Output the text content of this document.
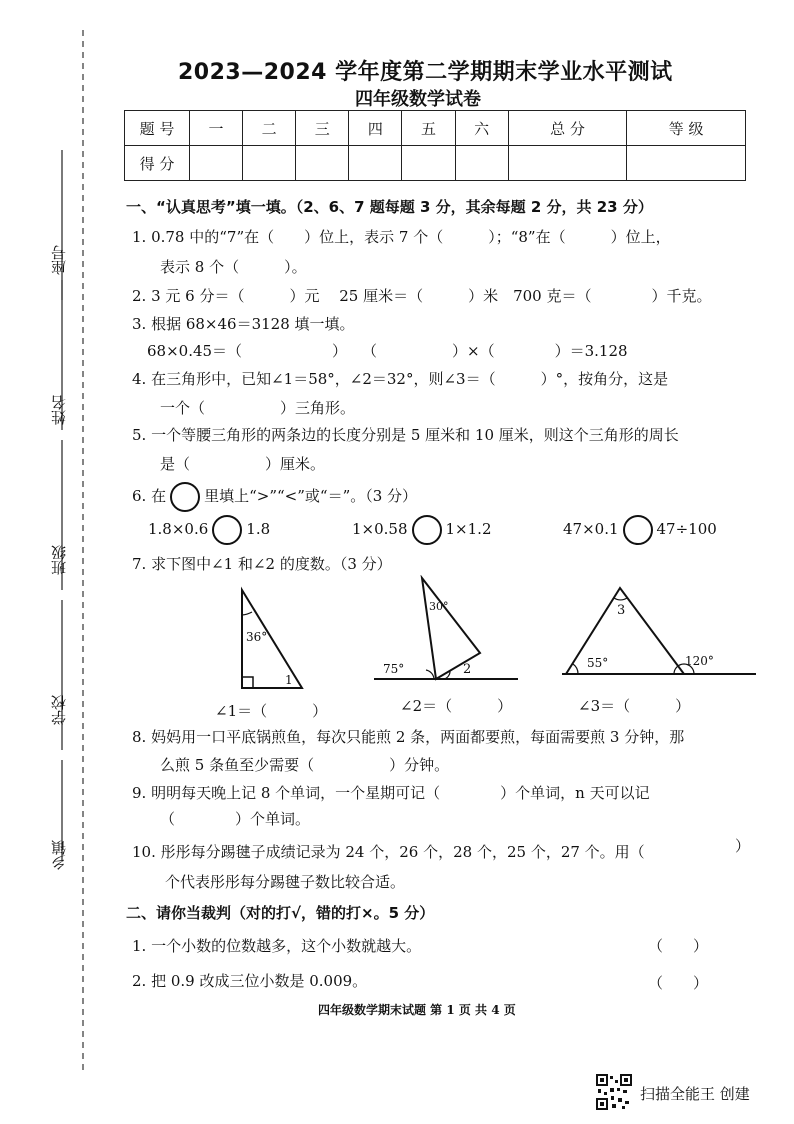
座号
姓名
班级
学校
乡镇
2023—2024 学年度第二学期期末学业水平测试
四年级数学试卷
题 号	一	二	三	四	五	六	总 分	等 级
得 分								
一、“认真思考”填一填。（2、6、7 题每题 3 分，其余每题 2 分，共 23 分）
1. 0.78 中的“7”在（　　）位上，表示 7 个（　　　）；“8”在（　　　）位上，
表示 8 个（　　　）。
2. 3 元 6 分＝（　　　）元　 25 厘米＝（　　　）米　700 克＝（　　　　）千克。
3. 根据 68×46＝3128 填一填。
68×0.45＝（　　　　　　）　　（　　　　　）×（　　　　）＝3.128
4. 在三角形中，已知∠1＝58°，∠2＝32°，则∠3＝（　　　）°，按角分，这是
一个（　　　　　）三角形。
5. 一个等腰三角形的两条边的长度分别是 5 厘米和 10 厘米，则这个三角形的周长
是（　　　　　）厘米。
6. 在	里填上“>”“<”或“＝”。（3 分）
1.8×0.6	1.8	1×0.58	1×1.2	47×0.1	47÷100
7. 求下图中∠1 和∠2 的度数。（3 分）
36°
1
∠1＝（　　　）
30°
75°	2
∠2＝（　　　）
3
55°	120°
∠3＝（　　　）
8. 妈妈用一口平底锅煎鱼，每次只能煎 2 条，两面都要煎，每面需要煎 3 分钟，那
么煎 5 条鱼至少需要（　　　　　）分钟。
9. 明明每天晚上记 8 个单词，一个星期可记（　　　　）个单词，n 天可以记
（　　　　）个单词。
10. 彤彤每分踢毽子成绩记录为 24 个，26 个，28 个，25 个，27 个。用（	）
个代表彤彤每分踢毽子数比较合适。
二、请你当裁判（对的打√，错的打×。5 分）
1. 一个小数的位数越多，这个小数就越大。	（　　）
2. 把 0.9 改成三位小数是 0.009。	（　　）
四年级数学期末试题 第 1 页 共 4 页
扫描全能王 创建
